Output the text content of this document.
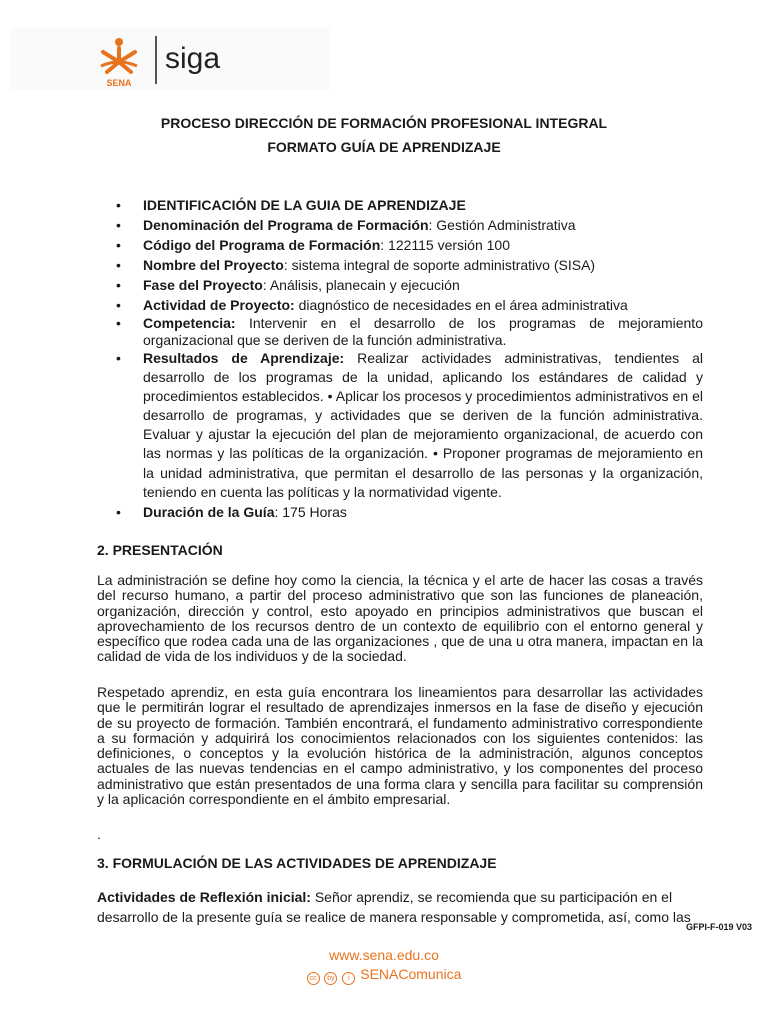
SENA
siga
PROCESO DIRECCIÓN DE FORMACIÓN PROFESIONAL INTEGRAL
FORMATO GUÍA DE APRENDIZAJE
• IDENTIFICACIÓN DE LA GUIA DE APRENDIZAJE
• Denominación del Programa de Formación: Gestión Administrativa
• Código del Programa de Formación: 122115 versión 100
• Nombre del Proyecto: sistema integral de soporte administrativo (SISA)
• Fase del Proyecto: Análisis, planecain y ejecución
• Actividad de Proyecto: diagnóstico de necesidades en el área administrativa
• Competencia: Intervenir en el desarrollo de los programas de mejoramiento organizacional que se deriven de la función administrativa.
• Resultados de Aprendizaje: Realizar actividades administrativas, tendientes al desarrollo de los programas de la unidad, aplicando los estándares de calidad y procedimientos establecidos. • Aplicar los procesos y procedimientos administrativos en el desarrollo de programas, y actividades que se deriven de la función administrativa. Evaluar y ajustar la ejecución del plan de mejoramiento organizacional, de acuerdo con las normas y las políticas de la organización. • Proponer programas de mejoramiento en la unidad administrativa, que permitan el desarrollo de las personas y la organización, teniendo en cuenta las políticas y la normatividad vigente.
• Duración de la Guía: 175 Horas
2. PRESENTACIÓN

La administración se define hoy como la ciencia, la técnica y el arte de hacer las cosas a través del recurso humano, a partir del proceso administrativo que son las funciones de planeación, organización, dirección y control, esto apoyado en principios administrativos que buscan el aprovechamiento de los recursos dentro de un contexto de equilibrio con el entorno general y específico que rodea cada una de las organizaciones , que de una u otra manera, impactan en la calidad de vida de los individuos y de la sociedad.

Respetado aprendiz, en esta guía encontrara los lineamientos para desarrollar las actividades que le permitirán lograr el resultado de aprendizajes inmersos en la fase de diseño y ejecución de su proyecto de formación. También encontrará, el fundamento administrativo correspondiente a su formación y adquirirá los conocimientos relacionados con los siguientes contenidos: las definiciones, o conceptos y la evolución histórica de la administración, algunos conceptos actuales de las nuevas tendencias en el campo administrativo, y los componentes del proceso administrativo que están presentados de una forma clara y sencilla para facilitar su comprensión y la aplicación correspondiente en el ámbito empresarial.

.
3. FORMULACIÓN DE LAS ACTIVIDADES DE APRENDIZAJE

Actividades de Reflexión inicial: Señor aprendiz, se recomienda que su participación en el desarrollo de la presente guía se realice de manera responsable y comprometida, así, como las

GFPI-F-019 V03
www.sena.edu.co
cc by i SENAComunica
